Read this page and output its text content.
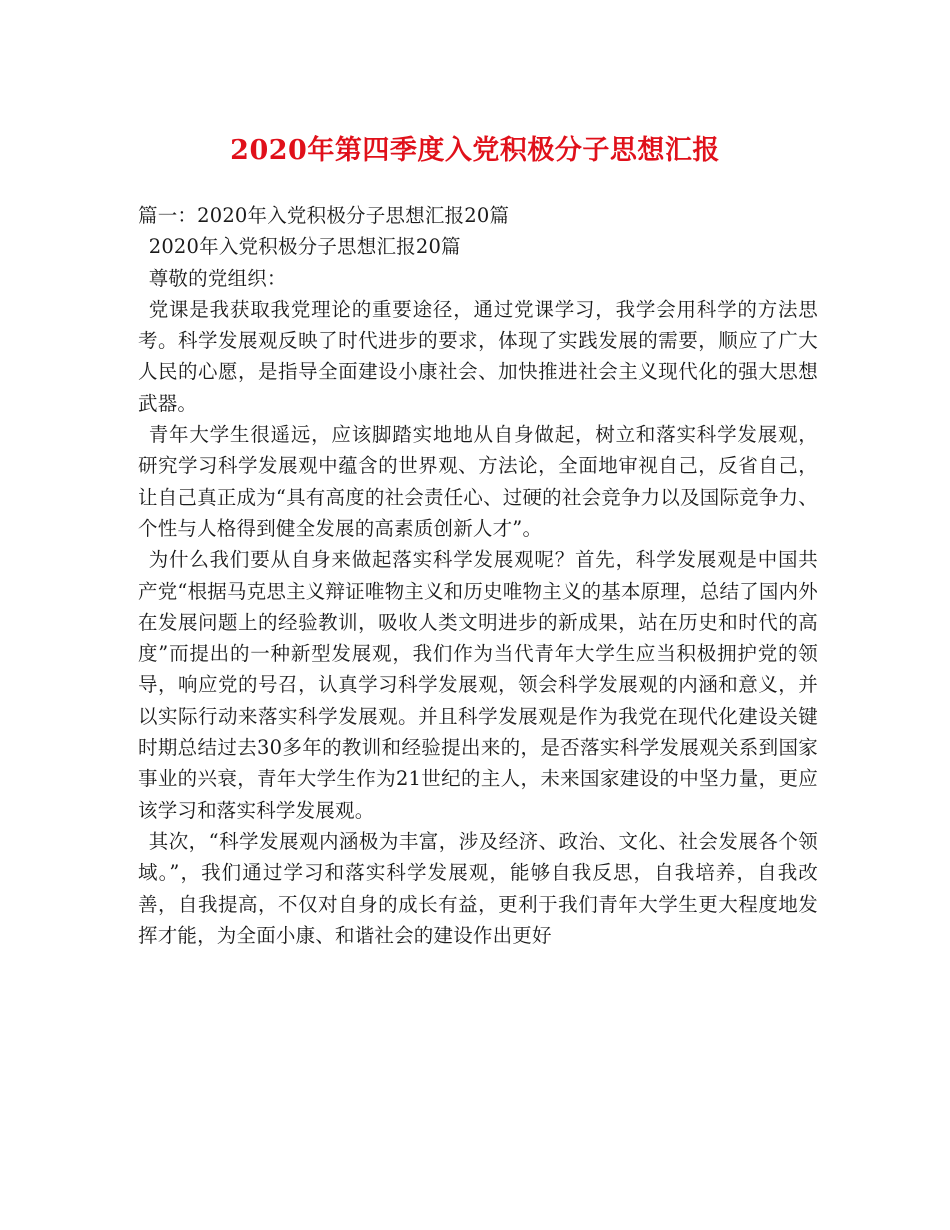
2020年第四季度入党积极分子思想汇报
篇一：2020年入党积极分子思想汇报20篇
2020年入党积极分子思想汇报20篇
尊敬的党组织：

党课是我获取我党理论的重要途径，通过党课学习，我学会用科学的方法思考。科学发展观反映了时代进步的要求，体现了实践发展的需要，顺应了广大人民的心愿，是指导全面建设小康社会、加快推进社会主义现代化的强大思想武器。

青年大学生很遥远，应该脚踏实地地从自身做起，树立和落实科学发展观，研究学习科学发展观中蕴含的世界观、方法论，全面地审视自己，反省自己，让自己真正成为“具有高度的社会责任心、过硬的社会竞争力以及国际竞争力、个性与人格得到健全发展的高素质创新人才”。

为什么我们要从自身来做起落实科学发展观呢？首先，科学发展观是中国共产党“根据马克思主义辩证唯物主义和历史唯物主义的基本原理，总结了国内外在发展问题上的经验教训，吸收人类文明进步的新成果，站在历史和时代的高度”而提出的一种新型发展观，我们作为当代青年大学生应当积极拥护党的领导，响应党的号召，认真学习科学发展观，领会科学发展观的内涵和意义，并以实际行动来落实科学发展观。并且科学发展观是作为我党在现代化建设关键时期总结过去30多年的教训和经验提出来的，是否落实科学发展观关系到国家事业的兴衰，青年大学生作为21世纪的主人，未来国家建设的中坚力量，更应该学习和落实科学发展观。

其次，“科学发展观内涵极为丰富，涉及经济、政治、文化、社会发展各个领域。”，我们通过学习和落实科学发展观，能够自我反思，自我培养，自我改善，自我提高，不仅对自身的成长有益，更利于我们青年大学生更大程度地发挥才能，为全面小康、和谐社会的建设作出更好
